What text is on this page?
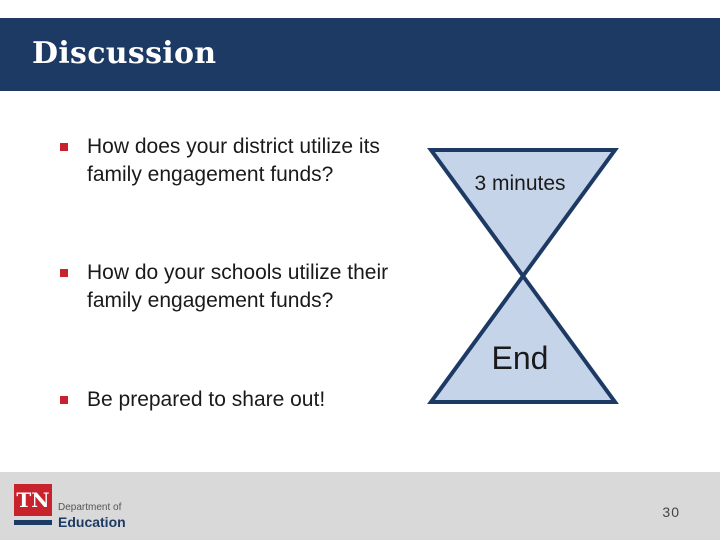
Discussion
How does your district utilize its family engagement funds?
How do your schools utilize their family engagement funds?
Be prepared to share out!
3 minutes
End
TN Department of
Education
30
